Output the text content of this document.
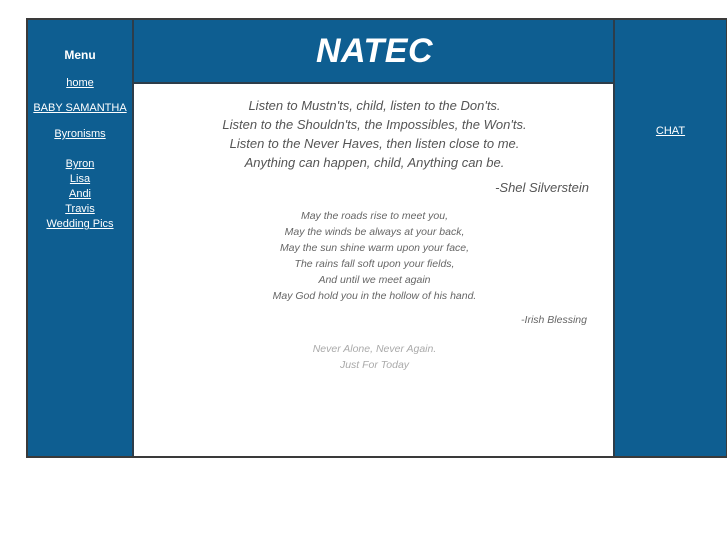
Menu
home
BABY SAMANTHA
Byronisms
Byron
Lisa
Andi
Travis
Wedding Pics
Listen to Mustn'ts, child, listen to the Don'ts.
Listen to the Shouldn'ts, the Impossibles, the Won'ts.
Listen to the Never Haves, then listen close to me.
Anything can happen, child, Anything can be.
-Shel Silverstein
May the roads rise to meet you,
May the winds be always at your back,
May the sun shine warm upon your face,
The rains fall soft upon your fields,
And until we meet again
May God hold you in the hollow of his hand.
-Irish Blessing
Never Alone, Never Again.
Just For Today
NATEC
CHAT
